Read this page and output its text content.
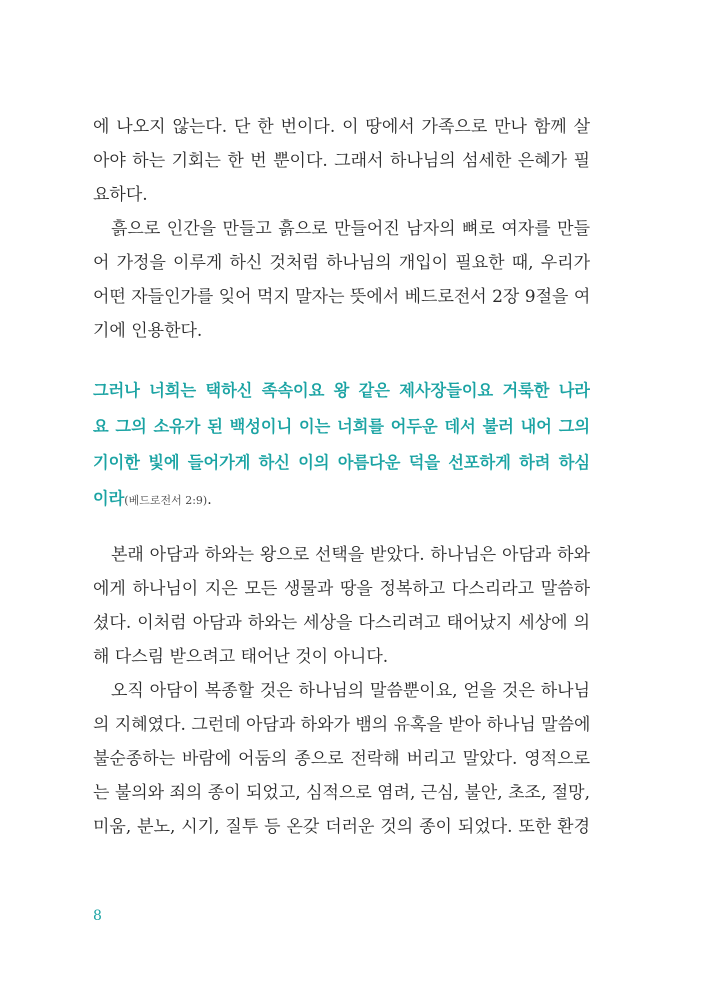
에 나오지 않는다. 단 한 번이다. 이 땅에서 가족으로 만나 함께 살
아야 하는 기회는 한 번 뿐이다. 그래서 하나님의 섬세한 은혜가 필
요하다.
흙으로 인간을 만들고 흙으로 만들어진 남자의 뼈로 여자를 만들
어 가정을 이루게 하신 것처럼 하나님의 개입이 필요한 때, 우리가
어떤 자들인가를 잊어 먹지 말자는 뜻에서 베드로전서 2장 9절을 여
기에 인용한다.
그러나 너희는 택하신 족속이요 왕 같은 제사장들이요 거룩한 나라
요 그의 소유가 된 백성이니 이는 너희를 어두운 데서 불러 내어 그의
기이한 빛에 들어가게 하신 이의 아름다운 덕을 선포하게 하려 하심
이라(베드로전서 2:9).
본래 아담과 하와는 왕으로 선택을 받았다. 하나님은 아담과 하와
에게 하나님이 지은 모든 생물과 땅을 정복하고 다스리라고 말씀하
셨다. 이처럼 아담과 하와는 세상을 다스리려고 태어났지 세상에 의
해 다스림 받으려고 태어난 것이 아니다.
오직 아담이 복종할 것은 하나님의 말씀뿐이요, 얻을 것은 하나님
의 지혜였다. 그런데 아담과 하와가 뱀의 유혹을 받아 하나님 말씀에
불순종하는 바람에 어둠의 종으로 전락해 버리고 말았다. 영적으로
는 불의와 죄의 종이 되었고, 심적으로 염려, 근심, 불안, 초조, 절망,
미움, 분노, 시기, 질투 등 온갖 더러운 것의 종이 되었다. 또한 환경
8
